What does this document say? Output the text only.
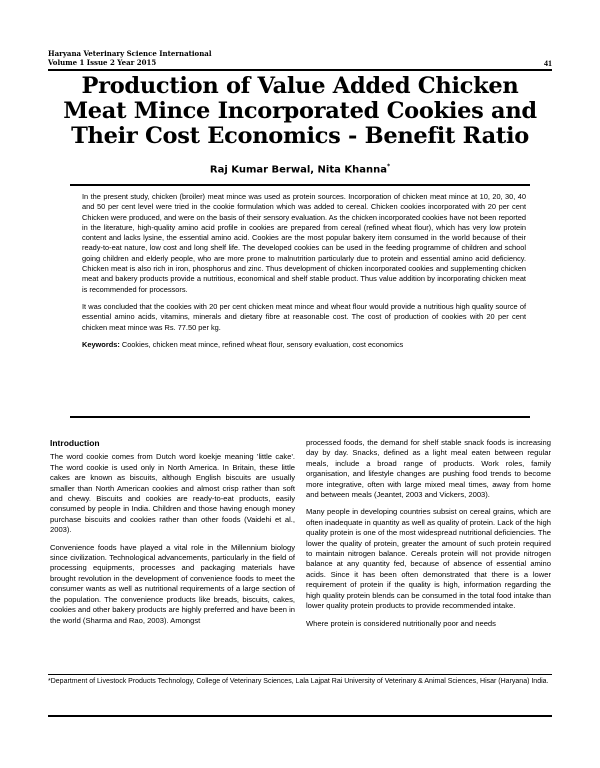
Haryana Veterinary Science International
Volume 1 Issue 2 Year 2015	41
Production of Value Added Chicken Meat Mince Incorporated Cookies and Their Cost Economics - Benefit Ratio
Raj Kumar Berwal, Nita Khanna*

In the present study, chicken (broiler) meat mince was used as protein sources. Incorporation of chicken meat mince at 10, 20, 30, 40 and 50 per cent level were tried in the cookie formulation which was added to cereal. Chicken cookies incorporated with 20 per cent Chicken were produced, and were on the basis of their sensory evaluation. As the chicken incorporated cookies have not been reported in the literature, high-quality amino acid profile in cookies are prepared from cereal (refined wheat flour), which has very low protein content and lacks lysine, the essential amino acid. Cookies are the most popular bakery item consumed in the world because of their ready-to-eat nature, low cost and long shelf life. The developed cookies can be used in the feeding programme of children and school going children and elderly people, who are more prone to malnutrition particularly due to protein and essential amino acid deficiency. Chicken meat is also rich in iron, phosphorus and zinc. Thus development of chicken incorporated cookies and supplementing chicken meat and bakery products provide a nutritious, economical and shelf stable product. Thus value addition by incorporating chicken meat is recommended for processors.

It was concluded that the cookies with 20 per cent chicken meat mince and wheat flour would provide a nutritious high quality source of essential amino acids, vitamins, minerals and dietary fibre at reasonable cost. The cost of production of cookies with 20 per cent chicken meat mince was Rs. 77.50 per kg.

Keywords: Cookies, chicken meat mince, refined wheat flour, sensory evaluation, cost economics

Introduction

The word cookie comes from Dutch word koekje meaning 'little cake'. The word cookie is used only in North America. In Britain, these little cakes are known as biscuits, although English biscuits are usually smaller than North American cookies and almost crisp rather than soft and chewy. Biscuits and cookies are ready-to-eat products, easily consumed by people in India. Children and those having enough money purchase biscuits and cookies rather than other foods (Vaidehi et al., 2003).

Convenience foods have played a vital role in the Millennium biology since civilization. Technological advancements, particularly in the field of processing equipments, processes and packaging materials have brought revolution in the development of convenience foods to meet the consumer wants as well as nutritional requirements of a large section of the population. The convenience products like breads, biscuits, cakes, cookies and other bakery products are highly preferred and have been in the world (Sharma and Rao, 2003). Amongst

processed foods, the demand for shelf stable snack foods is increasing day by day. Snacks, defined as a light meal eaten between regular meals, include a broad range of products. Work roles, family organisation, and lifestyle changes are pushing food trends to become more integrative, often with large mixed meal times, away from home and between meals (Jeantet, 2003 and Vickers, 2003).

Many people in developing countries subsist on cereal grains, which are often inadequate in quantity as well as quality of protein. Lack of the high quality protein is one of the most widespread nutritional deficiencies. The lower the quality of protein, greater the amount of such protein required to maintain nitrogen balance. Cereals protein will not provide nitrogen balance at any quantity fed, because of absence of essential amino acids. Since it has been often demonstrated that there is a lower requirement of protein if the quality is high, information regarding the high quality protein blends can be consumed in the total food intake than lower quality protein products to provide recommended intake.

Where protein is considered nutritionally poor and needs

*Department of Livestock Products Technology, College of Veterinary Sciences, Lala Lajpat Rai University of Veterinary & Animal Sciences, Hisar (Haryana) India.
